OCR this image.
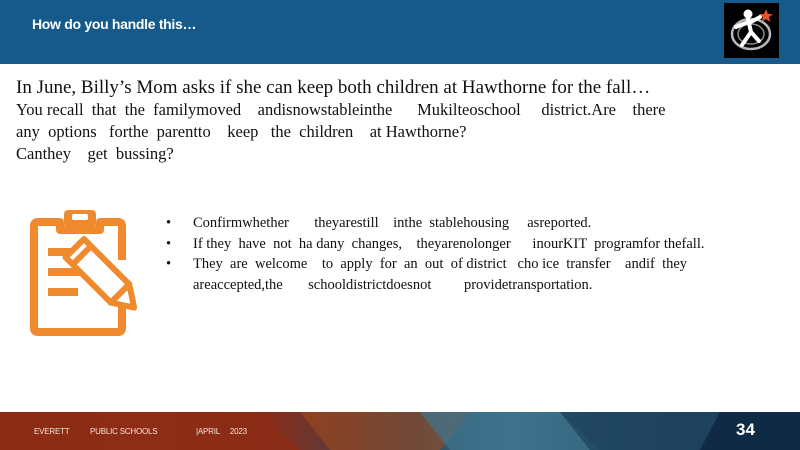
How do you handle this…
In June, Billy’s Mom asks if she can keep both children at Hawthorne for the fall…
You recall  that  the  familymoved    andisnowstableinthe      Mukilteoschool     district.Are    there
any  options   forthe  parentto    keep   the  children    at Hawthorne?
Canthey    get  bussing?
• Confirmwhether       theyarestill    inthe  stablehousing     asreported.
• If they  have  not  ha dany  changes,    theyarenolonger      inourKIT  programfor thefall.
• They  are  welcome    to  apply  for  an  out  of district   cho ice  transfer    andif  they areaccepted,the       schooldistrictdoesnot         providetransportation.
EVERETT	PUBLIC SCHOOLS	|APRIL     2023	34
